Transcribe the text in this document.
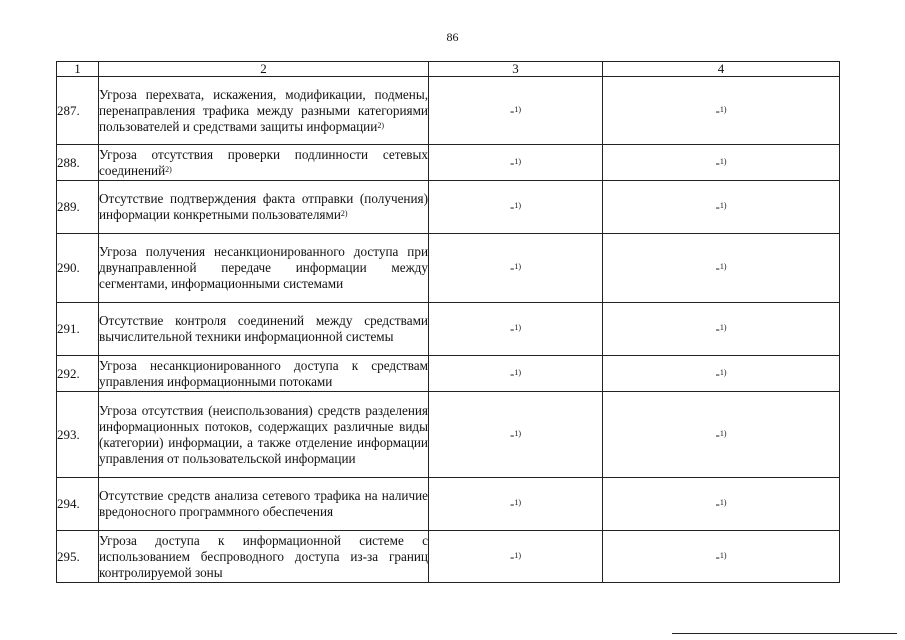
86
1	2	3	4
287.	Угроза перехвата, искажения, модификации, подмены, перенаправления трафика между разными категориями пользователей и средствами защиты информации$^{2)}$	-$^{1)}$	-$^{1)}$
288.	Угроза отсутствия проверки подлинности сетевых соединений$^{2)}$	-$^{1)}$	-$^{1)}$
289.	Отсутствие подтверждения факта отправки (получения) информации конкретными пользователями$^{2)}$	-$^{1)}$	-$^{1)}$
290.	Угроза получения несанкционированного доступа при двунаправленной передаче информации между сегментами, информационными системами	-$^{1)}$	-$^{1)}$
291.	Отсутствие контроля соединений между средствами вычислительной техники информационной системы	-$^{1)}$	-$^{1)}$
292.	Угроза несанкционированного доступа к средствам управления информационными потоками	-$^{1)}$	-$^{1)}$
293.	Угроза отсутствия (неиспользования) средств разделения информационных потоков, содержащих различные виды (категории) информации, а также отделение информации управления от пользовательской информации	-$^{1)}$	-$^{1)}$
294.	Отсутствие средств анализа сетевого трафика на наличие вредоносного программного обеспечения	-$^{1)}$	-$^{1)}$
295.	Угроза доступа к информационной системе с использованием беспроводного доступа из-за границ контролируемой зоны	-$^{1)}$	-$^{1)}$
